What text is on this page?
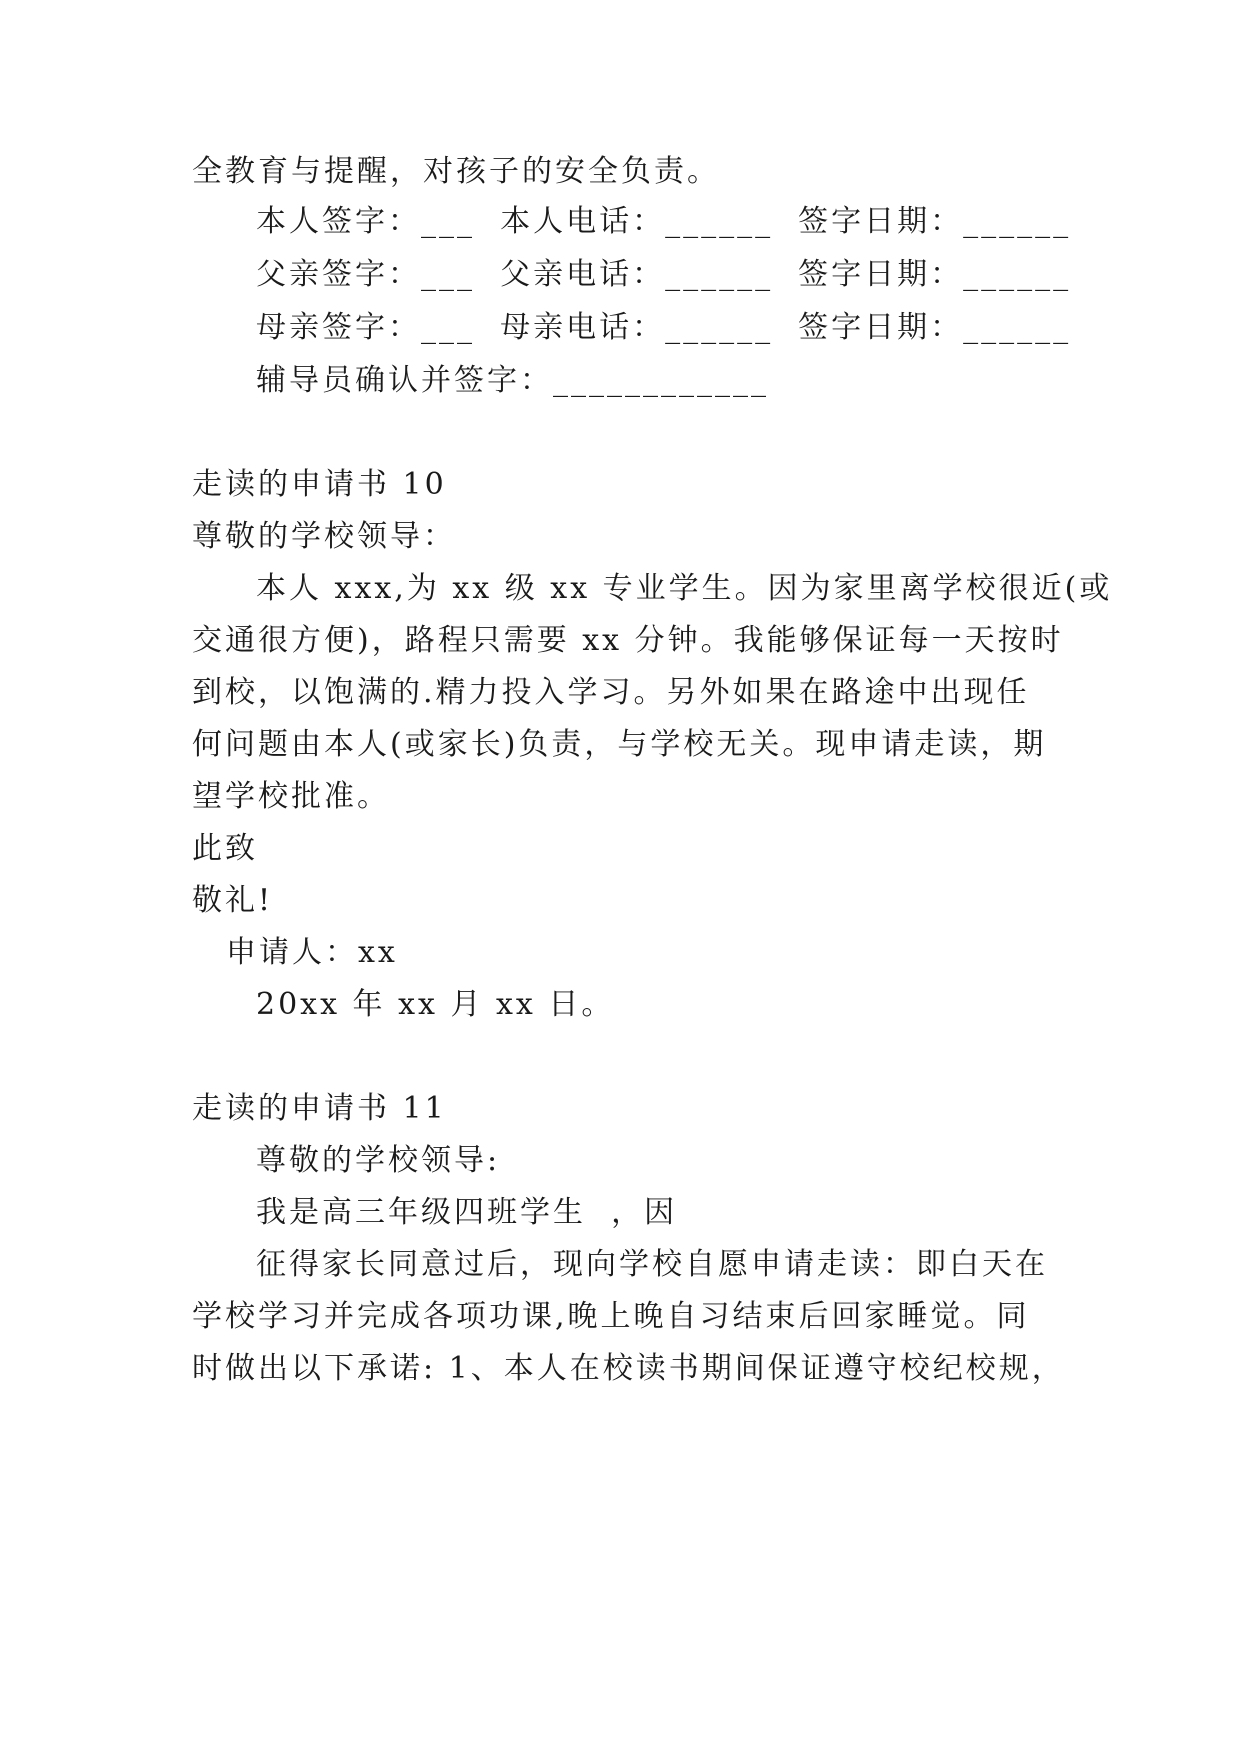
全教育与提醒，对孩子的安全负责。
本人签字：___  本人电话：______  签字日期：______
父亲签字：___  父亲电话：______  签字日期：______
母亲签字：___  母亲电话：______  签字日期：______
辅导员确认并签字：____________
走读的申请书 10
尊敬的学校领导：
本人 xxx,为 xx 级 xx 专业学生。因为家里离学校很近(或
交通很方便)，路程只需要 xx 分钟。我能够保证每一天按时
到校，以饱满的.精力投入学习。另外如果在路途中出现任
何问题由本人(或家长)负责，与学校无关。现申请走读，期
望学校批准。
此致
敬礼!
申请人：xx
20xx 年 xx 月 xx 日。
走读的申请书 11
尊敬的学校领导:
我是高三年级四班学生  ，因
征得家长同意过后，现向学校自愿申请走读：即白天在
学校学习并完成各项功课,晚上晚自习结束后回家睡觉。同
时做出以下承诺: 1、本人在校读书期间保证遵守校纪校规，
